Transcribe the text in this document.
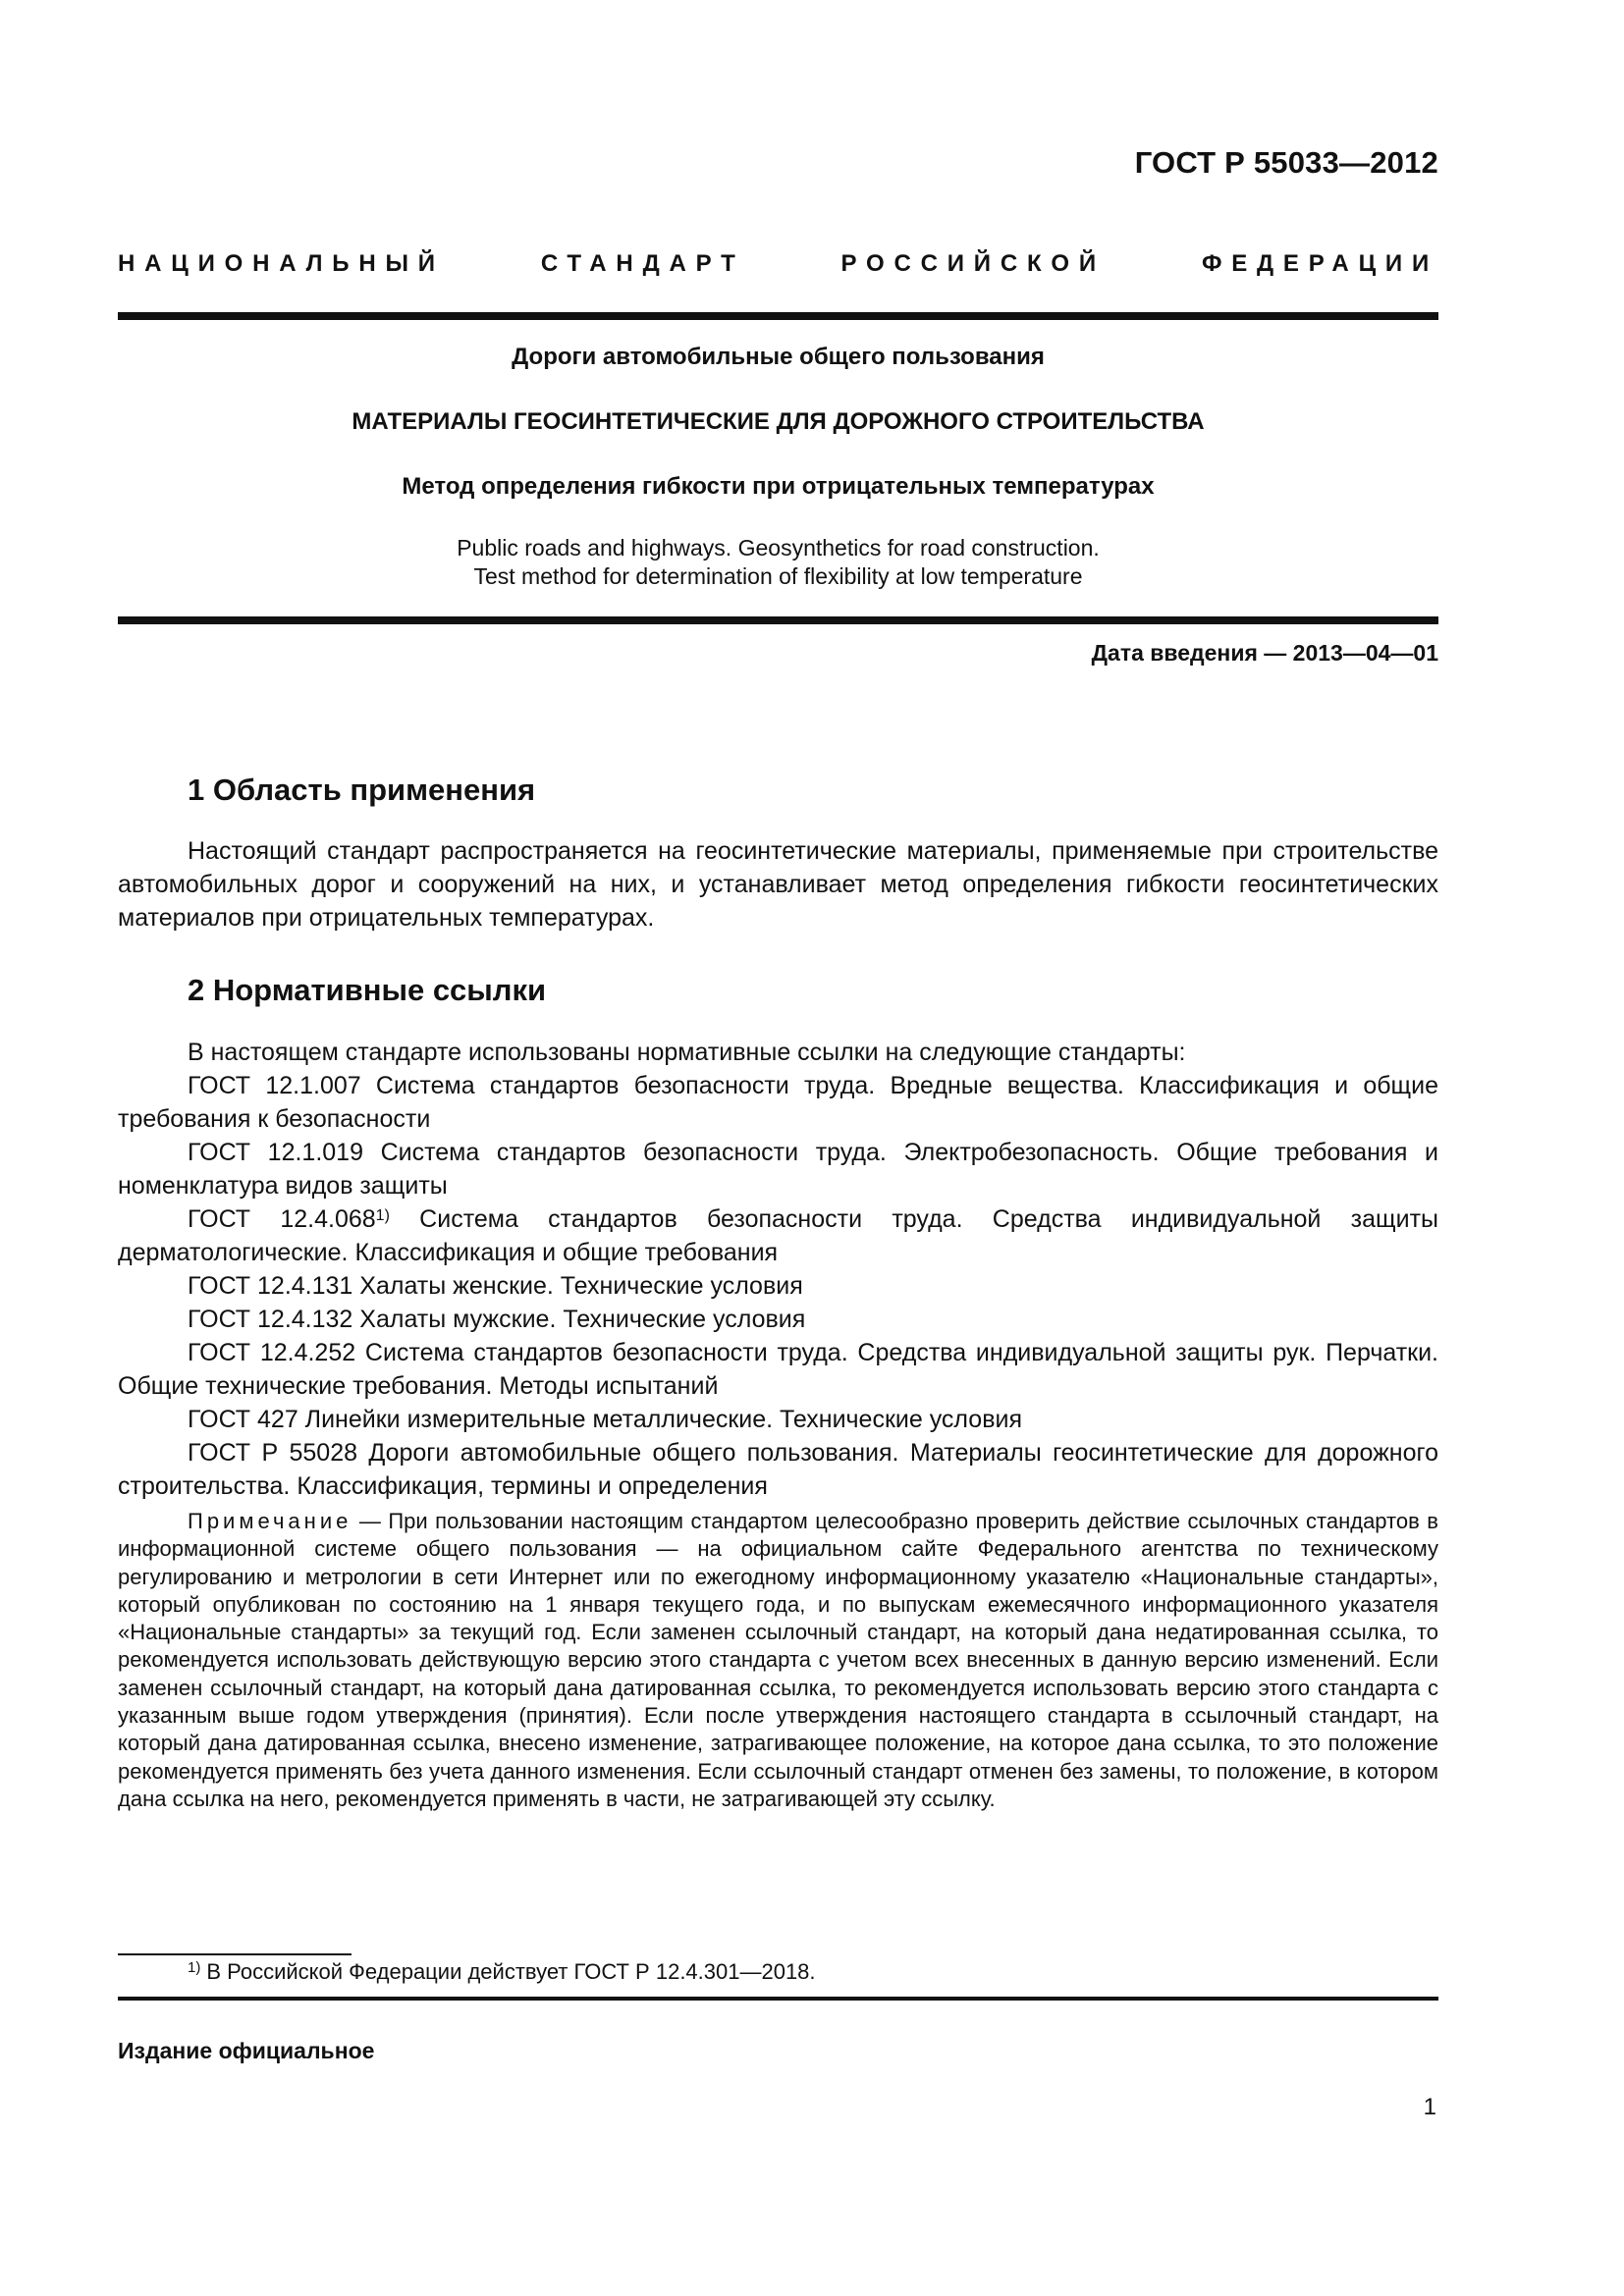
ГОСТ Р 55033—2012
НАЦИОНАЛЬНЫЙ СТАНДАРТ РОССИЙСКОЙ ФЕДЕРАЦИИ
Дороги автомобильные общего пользования
МАТЕРИАЛЫ ГЕОСИНТЕТИЧЕСКИЕ ДЛЯ ДОРОЖНОГО СТРОИТЕЛЬСТВА
Метод определения гибкости при отрицательных температурах
Public roads and highways. Geosynthetics for road construction.
Test method for determination of flexibility at low temperature
Дата введения — 2013—04—01
1 Область применения

Настоящий стандарт распространяется на геосинтетические материалы, применяемые при строительстве автомобильных дорог и сооружений на них, и устанавливает метод определения гибкости геосинтетических материалов при отрицательных температурах.

2 Нормативные ссылки

В настоящем стандарте использованы нормативные ссылки на следующие стандарты:

ГОСТ 12.1.007 Система стандартов безопасности труда. Вредные вещества. Классификация и общие требования к безопасности

ГОСТ 12.1.019 Система стандартов безопасности труда. Электробезопасность. Общие требования и номенклатура видов защиты

ГОСТ 12.4.068$^{1)}$ Система стандартов безопасности труда. Средства индивидуальной защиты дерматологические. Классификация и общие требования

ГОСТ 12.4.131 Халаты женские. Технические условия

ГОСТ 12.4.132 Халаты мужские. Технические условия

ГОСТ 12.4.252 Система стандартов безопасности труда. Средства индивидуальной защиты рук. Перчатки. Общие технические требования. Методы испытаний

ГОСТ 427 Линейки измерительные металлические. Технические условия

ГОСТ Р 55028 Дороги автомобильные общего пользования. Материалы геосинтетические для дорожного строительства. Классификация, термины и определения

Примечание — При пользовании настоящим стандартом целесообразно проверить действие ссылочных стандартов в информационной системе общего пользования — на официальном сайте Федерального агентства по техническому регулированию и метрологии в сети Интернет или по ежегодному информационному указателю «Национальные стандарты», который опубликован по состоянию на 1 января текущего года, и по выпускам ежемесячного информационного указателя «Национальные стандарты» за текущий год. Если заменен ссылочный стандарт, на который дана недатированная ссылка, то рекомендуется использовать действующую версию этого стандарта с учетом всех внесенных в данную версию изменений. Если заменен ссылочный стандарт, на который дана датированная ссылка, то рекомендуется использовать версию этого стандарта с указанным выше годом утверждения (принятия). Если после утверждения настоящего стандарта в ссылочный стандарт, на который дана датированная ссылка, внесено изменение, затрагивающее положение, на которое дана ссылка, то это положение рекомендуется применять без учета данного изменения. Если ссылочный стандарт отменен без замены, то положение, в котором дана ссылка на него, рекомендуется применять в части, не затрагивающей эту ссылку.

$^{1)}$ В Российской Федерации действует ГОСТ Р 12.4.301—2018.
Издание официальное
1
